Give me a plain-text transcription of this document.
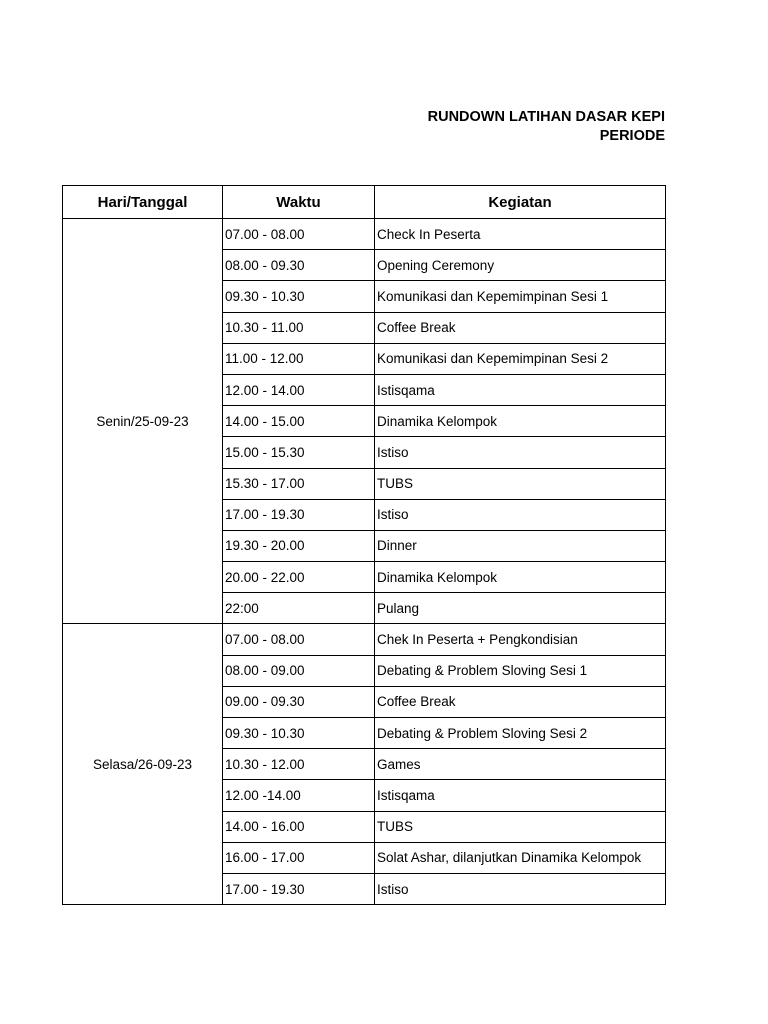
RUNDOWN LATIHAN DASAR KEPI
PERIODE
Hari/Tanggal	Waktu	Kegiatan
Senin/25-09-23	07.00 - 08.00	Check In Peserta
	08.00 - 09.30	Opening Ceremony
	09.30 - 10.30	Komunikasi dan Kepemimpinan Sesi 1
	10.30 - 11.00	Coffee Break
	11.00 - 12.00	Komunikasi dan Kepemimpinan Sesi 2
	12.00 - 14.00	Istisqama
	14.00 - 15.00	Dinamika Kelompok
	15.00 - 15.30	Istiso
	15.30 - 17.00	TUBS
	17.00 - 19.30	Istiso
	19.30 - 20.00	Dinner
	20.00 - 22.00	Dinamika Kelompok
	22:00	Pulang
Selasa/26-09-23	07.00 - 08.00	Chek In Peserta + Pengkondisian
	08.00 - 09.00	Debating & Problem Sloving Sesi 1
	09.00 - 09.30	Coffee Break
	09.30 - 10.30	Debating & Problem Sloving Sesi 2
	10.30 - 12.00	Games
	12.00 -14.00	Istisqama
	14.00 - 16.00	TUBS
	16.00 - 17.00	Solat Ashar, dilanjutkan Dinamika Kelompok
	17.00 - 19.30	Istiso
